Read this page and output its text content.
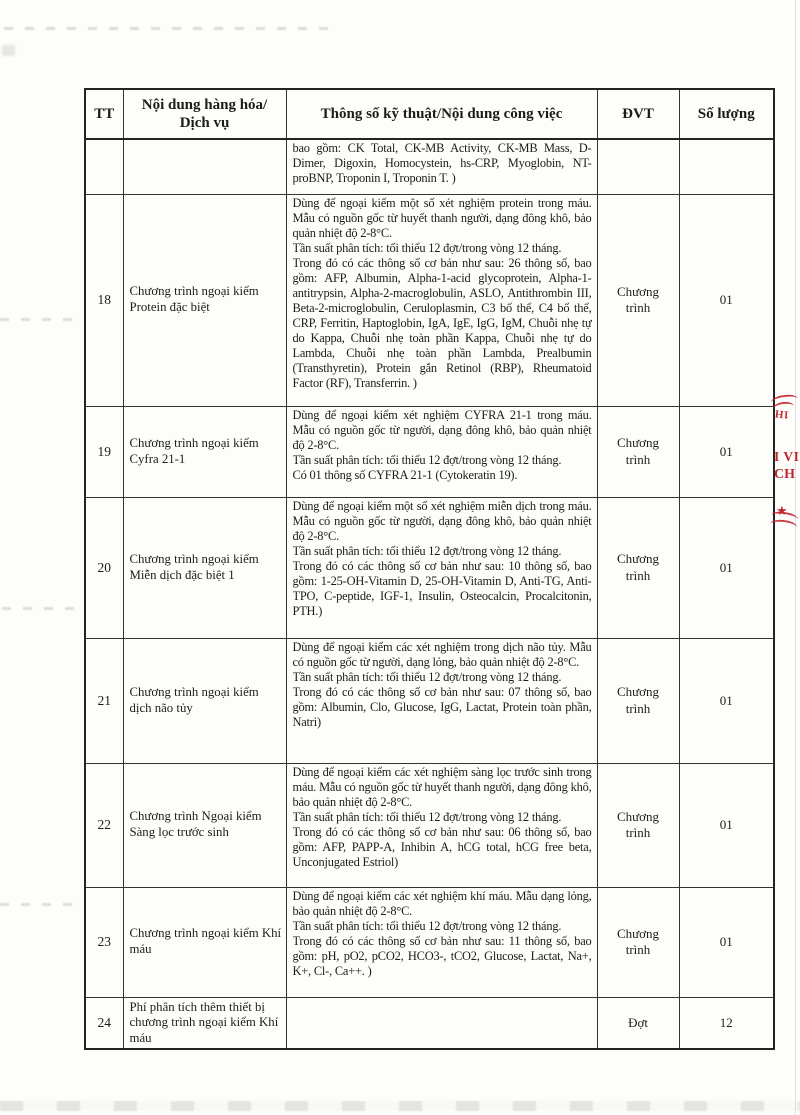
TT	Nội dung hàng hóa/ Dịch vụ	Thông số kỹ thuật/Nội dung công việc	ĐVT	Số lượng

		bao gồm: CK Total, CK-MB Activity, CK-MB Mass, D-Dimer, Digoxin, Homocystein, hs-CRP, Myoglobin, NT-proBNP, Troponin I, Troponin T. )		

18	Chương trình ngoại kiểm Protein đặc biệt	Dùng để ngoại kiểm một số xét nghiệm protein trong máu. Mẫu có nguồn gốc từ huyết thanh người, dạng đông khô, bảo quản nhiệt độ 2-8°C.

Tần suất phân tích: tối thiểu 12 đợt/trong vòng 12 tháng.

Trong đó có các thông số cơ bản như sau: 26 thông số, bao gồm: AFP, Albumin, Alpha-1-acid glycoprotein, Alpha-1-antitrypsin, Alpha-2-macroglobulin, ASLO, Antithrombin III, Beta-2-microglobulin, Ceruloplasmin, C3 bổ thể, C4 bổ thể, CRP, Ferritin, Haptoglobin, IgA, IgE, IgG, IgM, Chuỗi nhẹ tự do Kappa, Chuỗi nhẹ toàn phần Kappa, Chuỗi nhẹ tự do Lambda, Chuỗi nhẹ toàn phần Lambda, Prealbumin (Transthyretin), Protein gắn Retinol (RBP), Rheumatoid Factor (RF), Transferrin. )	Chương trình	01
19	Chương trình ngoại kiểm Cyfra 21-1	Dùng để ngoại kiểm xét nghiệm CYFRA 21-1 trong máu. Mẫu có nguồn gốc từ người, dạng đông khô, bảo quản nhiệt độ 2-8°C.

Tần suất phân tích: tối thiểu 12 đợt/trong vòng 12 tháng.

Có 01 thông số CYFRA 21-1 (Cytokeratin 19).	Chương trình	01
20	Chương trình ngoại kiểm Miễn dịch đặc biệt 1	Dùng để ngoại kiểm một số xét nghiệm miễn dịch trong máu. Mẫu có nguồn gốc từ người, dạng đông khô, bảo quản nhiệt độ 2-8°C.

Tần suất phân tích: tối thiểu 12 đợt/trong vòng 12 tháng.

Trong đó có các thông số cơ bản như sau: 10 thông số, bao gồm: 1-25-OH-Vitamin D, 25-OH-Vitamin D, Anti-TG, Anti-TPO, C-peptide, IGF-1, Insulin, Osteocalcin, Procalcitonin, PTH.)	Chương trình	01
21	Chương trình ngoại kiểm dịch não tủy	Dùng để ngoại kiểm các xét nghiệm trong dịch não tủy. Mẫu có nguồn gốc từ người, dạng lỏng, bảo quản nhiệt độ 2-8°C.

Tần suất phân tích: tối thiểu 12 đợt/trong vòng 12 tháng.

Trong đó có các thông số cơ bản như sau: 07 thông số, bao gồm: Albumin, Clo, Glucose, IgG, Lactat, Protein toàn phần, Natri)	Chương trình	01
22	Chương trình Ngoại kiểm Sàng lọc trước sinh	Dùng để ngoại kiểm các xét nghiệm sàng lọc trước sinh trong máu. Mẫu có nguồn gốc từ huyết thanh người, dạng đông khô, bảo quản nhiệt độ 2-8°C.

Tần suất phân tích: tối thiểu 12 đợt/trong vòng 12 tháng.

Trong đó có các thông số cơ bản như sau: 06 thông số, bao gồm: AFP, PAPP-A, Inhibin A, hCG total, hCG free beta, Unconjugated Estriol)	Chương trình	01
23	Chương trình ngoại kiểm Khí máu	Dùng để ngoại kiểm các xét nghiệm khí máu. Mẫu dạng lỏng, bảo quản nhiệt độ 2-8°C.

Tần suất phân tích: tối thiểu 12 đợt/trong vòng 12 tháng.

Trong đó có các thông số cơ bản như sau: 11 thông số, bao gồm: pH, pO2, pCO2, HCO3-, tCO2, Glucose, Lactat, Na+, K+, Cl-, Ca++. )	Chương trình	01
24	Phí phân tích thêm thiết bị chương trình ngoại kiểm Khí máu		Đợt	12
1H
I VI
CH
★
